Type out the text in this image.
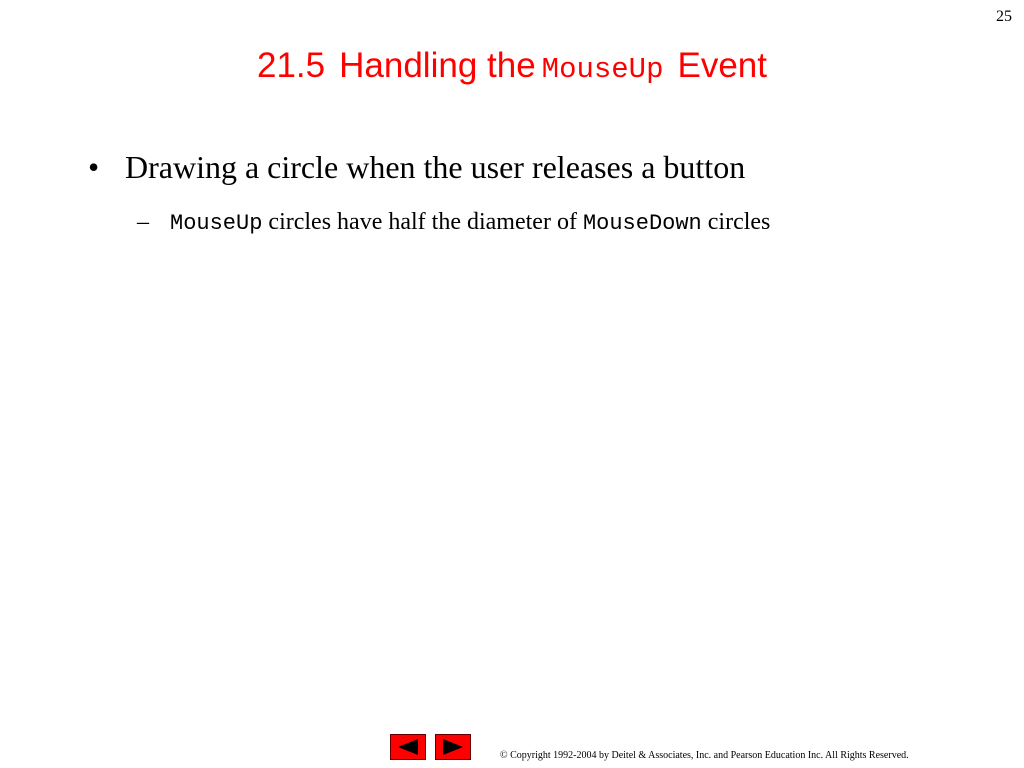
25
21.5 Handling the MouseUp Event
• Drawing a circle when the user releases a button
– MouseUp circles have half the diameter of MouseDown circles
© Copyright 1992-2004 by Deitel & Associates, Inc. and Pearson Education Inc. All Rights Reserved.
